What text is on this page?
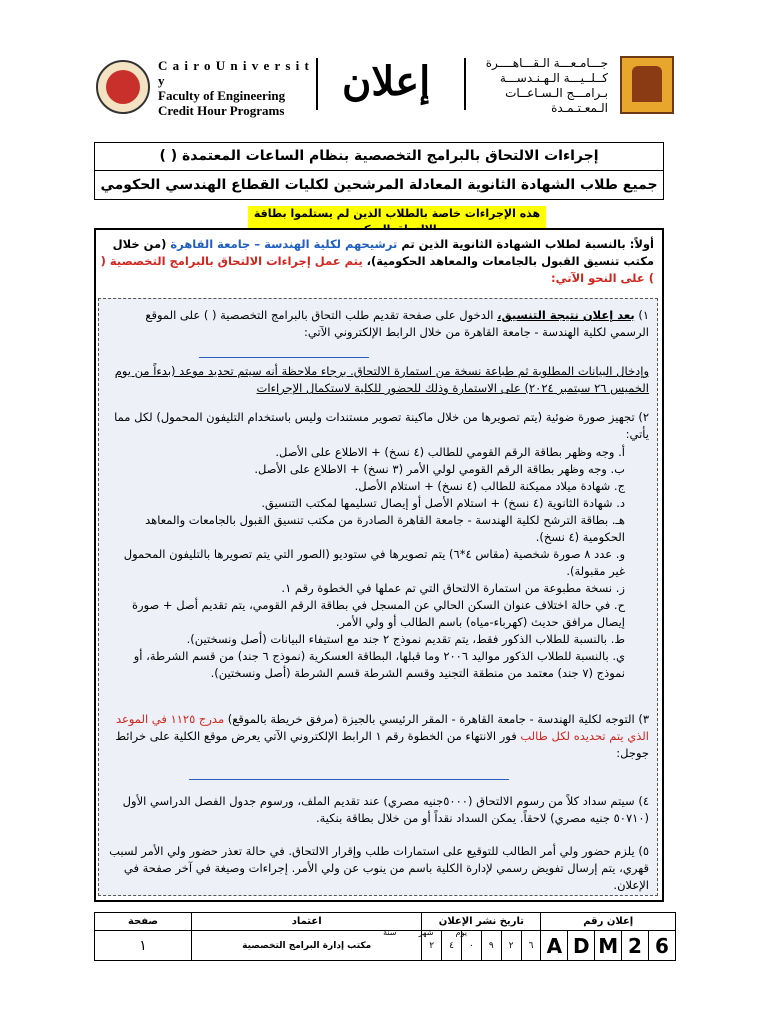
C a i r o U n i v e r s i t y
Faculty of Engineering
Credit Hour Programs
إعلان	جـــامـعـــة الـقـــاهــــرة
كــلــيـــة الـهـنـدســـة
بـرامـــج الـسـاعــات الـمعـتـمـدة
إجراءات الالتحاق بالبرامج التخصصية بنظام الساعات المعتمدة ( )
جميع طلاب الشهادة الثانوية المعادلة المرشحين لكليات القطاع الهندسي الحكومي
هذه الإجراءات خاصة بالطلاب الذين لم يستلموا بطاقة
أولاً: بالنسبة لطلاب الشهادة الثانوية الذين تم ترشيحهم لكلية الهندسة – جامعة القاهرة (من خلال مكتب تنسيق القبول بالجامعات والمعاهد الحكومية)، يتم عمل إجراءات الالتحاق بالبرامج التخصصية ( ) على النحو الآتي:
١) بعد إعلان نتيجة التنسيق، الدخول على صفحة تقديم طلب التحاق بالبرامج التخصصية ( ) على الموقع الرسمي لكلية الهندسة - جامعة القاهرة من خلال الرابط الإلكتروني الآتي:
وإدخال البيانات المطلوبة ثم طباعة نسخة من استمارة الالتحاق. برجاء ملاحظة أنه سيتم تحديد موعد (بدءاً من يوم الخميس ٢٦ سبتمبر ٢٠٢٤) على الاستمارة وذلك للحضور للكلية لاستكمال الإجراءات
٢) تجهيز صورة ضوئية (يتم تصويرها من خلال ماكينة تصوير مستندات وليس باستخدام التليفون المحمول) لكل مما يأتي:
أ. وجه وظهر بطاقة الرقم القومي للطالب (٤ نسخ) + الاطلاع على الأصل.
ب. وجه وظهر بطاقة الرقم القومي لولي الأمر (٣ نسخ) + الاطلاع على الأصل.
ج. شهادة ميلاد مميكنة للطالب (٤ نسخ) + استلام الأصل.
د. شهادة الثانوية (٤ نسخ) + استلام الأصل أو إيصال تسليمها لمكتب التنسيق.
هـ. بطاقة الترشح لكلية الهندسة - جامعة القاهرة الصادرة من مكتب تنسيق القبول بالجامعات والمعاهد الحكومية (٤ نسخ).
و. عدد ٨ صورة شخصية (مقاس ٤*٦) يتم تصويرها في ستوديو (الصور التي يتم تصويرها بالتليفون المحمول غير مقبولة).
ز. نسخة مطبوعة من استمارة الالتحاق التي تم عملها في الخطوة رقم ١.
ح. في حالة اختلاف عنوان السكن الحالي عن المسجل في بطاقة الرقم القومي، يتم تقديم أصل + صورة إيصال مرافق حديث (كهرباء-مياه) باسم الطالب أو ولي الأمر.
ط. بالنسبة للطلاب الذكور فقط، يتم تقديم نموذج ٢ جند مع استيفاء البيانات (أصل ونسختين).
ي. بالنسبة للطلاب الذكور مواليد ٢٠٠٦ وما قبلها، البطاقة العسكرية (نموذج ٦ جند) من قسم الشرطة، أو نموذج (٧ جند) معتمد من منطقة التجنيد وقسم الشرطة قسم الشرطة (أصل ونسختين).
٣) التوجه لكلية الهندسة - جامعة القاهرة - المقر الرئيسي بالجيزة (مرفق خريطة بالموقع) مدرج ١١٢٥ في الموعد الذي يتم تحديده لكل طالب فور الانتهاء من الخطوة رقم ١ الرابط الإلكتروني الآتي يعرض موقع الكلية على خرائط جوجل:
٤) سيتم سداد كلاً من رسوم الالتحاق (٥٠٠٠جنيه مصري) عند تقديم الملف، ورسوم جدول الفصل الدراسي الأول (٥٠٧١٠ جنيه مصري) لاحقاً. يمكن السداد نقداً أو من خلال بطاقة بنكية.
٥) يلزم حضور ولي أمر الطالب للتوقيع على استمارات طلب وإقرار الالتحاق. في حالة تعذر حضور ولي الأمر لسبب قهري، يتم إرسال تفويض رسمي لإدارة الكلية باسم من ينوب عن ولي الأمر. إجراءات وصيغة في آخر صفحة في الإعلان.
صفحة	اعتماد	تاريخ نشر الإعلان						إعلان رقم				
١	مكتب إدارة البرامج التخصصية	٢	٤	٠	٩	٢	٦	A	D	M	2	6
يوم
شهر
سنة
